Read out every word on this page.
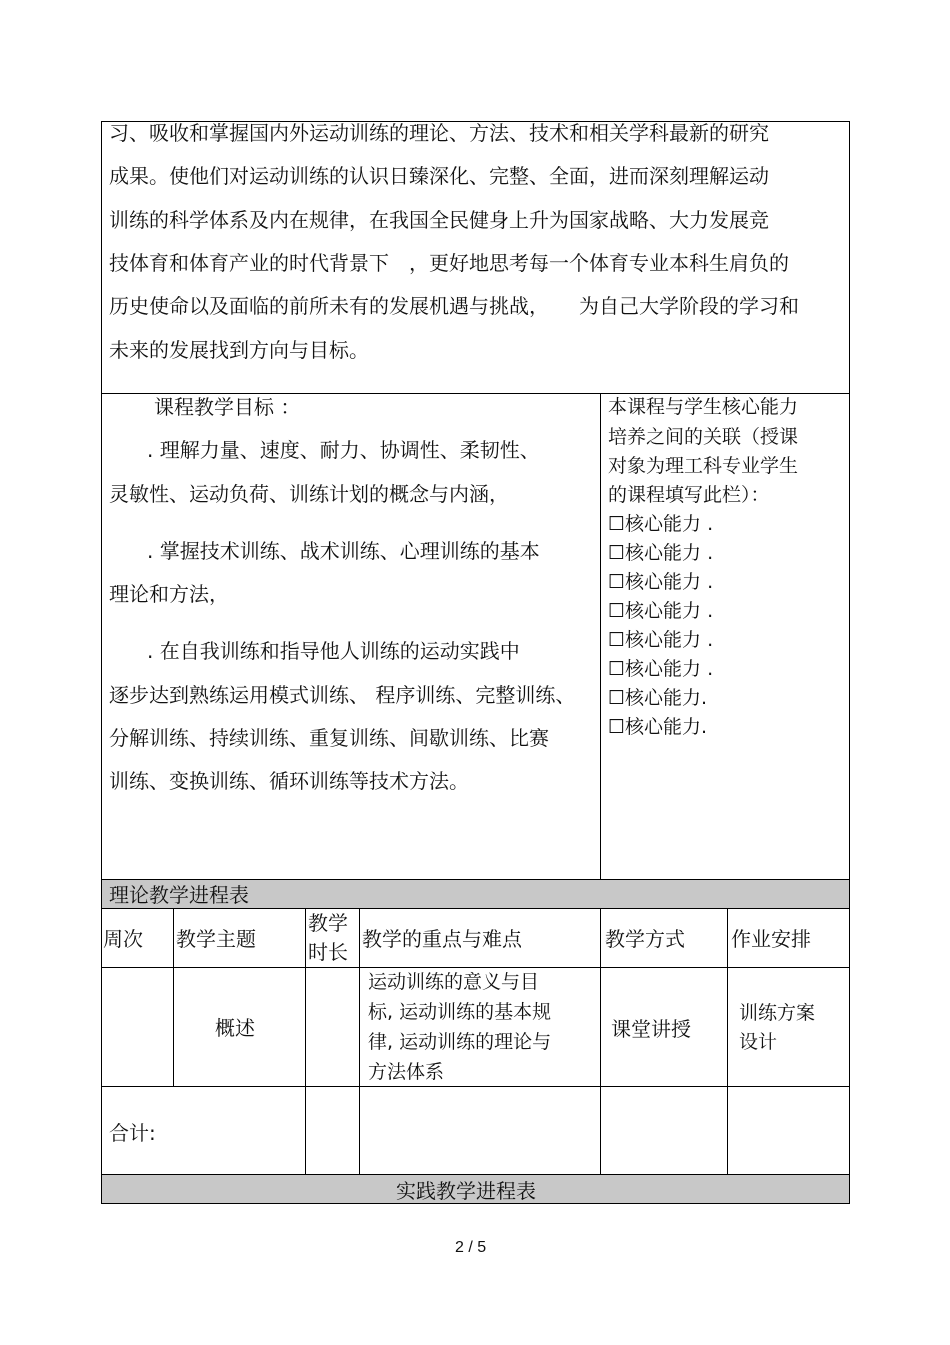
习、吸收和掌握国内外运动训练的理论、方法、技术和相关学科最新的研究
成果。使他们对运动训练的认识日臻深化、完整、全面，进而深刻理解运动
训练的科学体系及内在规律，在我国全民健身上升为国家战略、大力发展竞
技体育和体育产业的时代背景下　，更好地思考每一个体育专业本科生肩负的
历史使命以及面临的前所未有的发展机遇与挑战，　　为自己大学阶段的学习和
未来的发展找到方向与目标。
课程教学目标 ：
. 理解力量、速度、耐力、协调性、柔韧性、
灵敏性、运动负荷、训练计划的概念与内涵，
. 掌握技术训练、战术训练、心理训练的基本
理论和方法，
. 在自我训练和指导他人训练的运动实践中
逐步达到熟练运用模式训练、 程序训练、完整训练、
分解训练、持续训练、重复训练、间歇训练、比赛
训练、变换训练、循环训练等技术方法。
本课程与学生核心能力
培养之间的关联（授课
对象为理工科专业学生
的课程填写此栏）：
☐核心能力 .
☐核心能力 .
☐核心能力 .
☐核心能力 .
☐核心能力 .
☐核心能力 .
☐核心能力.
☐核心能力.
理论教学进程表
周次 教学主题
教学
时长
教学的重点与难点	教学方式 作业安排
概述
运动训练的意义与目
标, 运动训练的基本规
律, 运动训练的理论与
方法体系
课堂讲授
训练方案
设计
合计:
实践教学进程表
2 / 5
